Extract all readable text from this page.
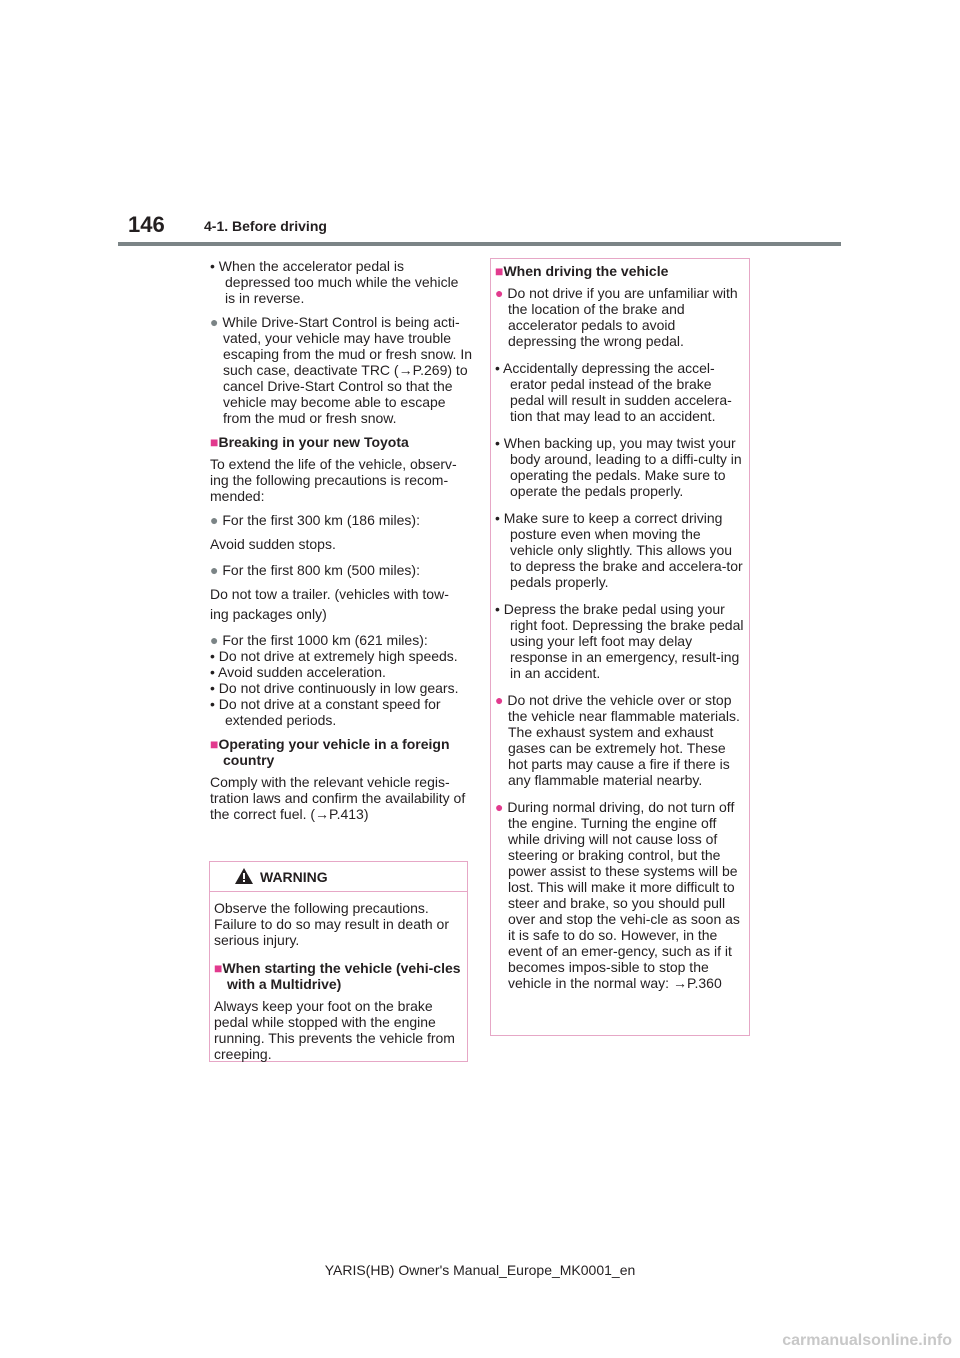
146	4-1. Before driving
• When the accelerator pedal is depressed too much while the vehicle is in reverse.
● While Drive-Start Control is being acti-vated, your vehicle may have trouble escaping from the mud or fresh snow. In such case, deactivate TRC (→P.269) to cancel Drive-Start Control so that the vehicle may become able to escape from the mud or fresh snow.
■Breaking in your new Toyota
To extend the life of the vehicle, observ-ing the following precautions is recom-mended:
● For the first 300 km (186 miles):
Avoid sudden stops.
● For the first 800 km (500 miles):
Do not tow a trailer. (vehicles with tow-
ing packages only)
● For the first 1000 km (621 miles):
• Do not drive at extremely high speeds.
• Avoid sudden acceleration.
• Do not drive continuously in low gears.
• Do not drive at a constant speed for extended periods.
■Operating your vehicle in a foreign country
Comply with the relevant vehicle regis-tration laws and confirm the availability of the correct fuel. (→P.413)
WARNING
Observe the following precautions. Failure to do so may result in death or serious injury.
■When starting the vehicle (vehi-cles with a Multidrive)
Always keep your foot on the brake pedal while stopped with the engine running. This prevents the vehicle from creeping.
■When driving the vehicle
● Do not drive if you are unfamiliar with the location of the brake and accelerator pedals to avoid depressing the wrong pedal.
• Accidentally depressing the accel-erator pedal instead of the brake pedal will result in sudden accelera-tion that may lead to an accident.
• When backing up, you may twist your body around, leading to a diffi-culty in operating the pedals. Make sure to operate the pedals properly.
• Make sure to keep a correct driving posture even when moving the vehicle only slightly. This allows you to depress the brake and accelera-tor pedals properly.
• Depress the brake pedal using your right foot. Depressing the brake pedal using your left foot may delay response in an emergency, result-ing in an accident.
● Do not drive the vehicle over or stop the vehicle near flammable materials.
The exhaust system and exhaust gases can be extremely hot. These hot parts may cause a fire if there is any flammable material nearby.
● During normal driving, do not turn off the engine. Turning the engine off while driving will not cause loss of steering or braking control, but the power assist to these systems will be lost. This will make it more difficult to steer and brake, so you should pull over and stop the vehi-cle as soon as it is safe to do so. However, in the event of an emer-gency, such as if it becomes impos-sible to stop the vehicle in the normal way: →P.360
YARIS(HB) Owner's Manual_Europe_MK0001_en
carmanualsonline.info
